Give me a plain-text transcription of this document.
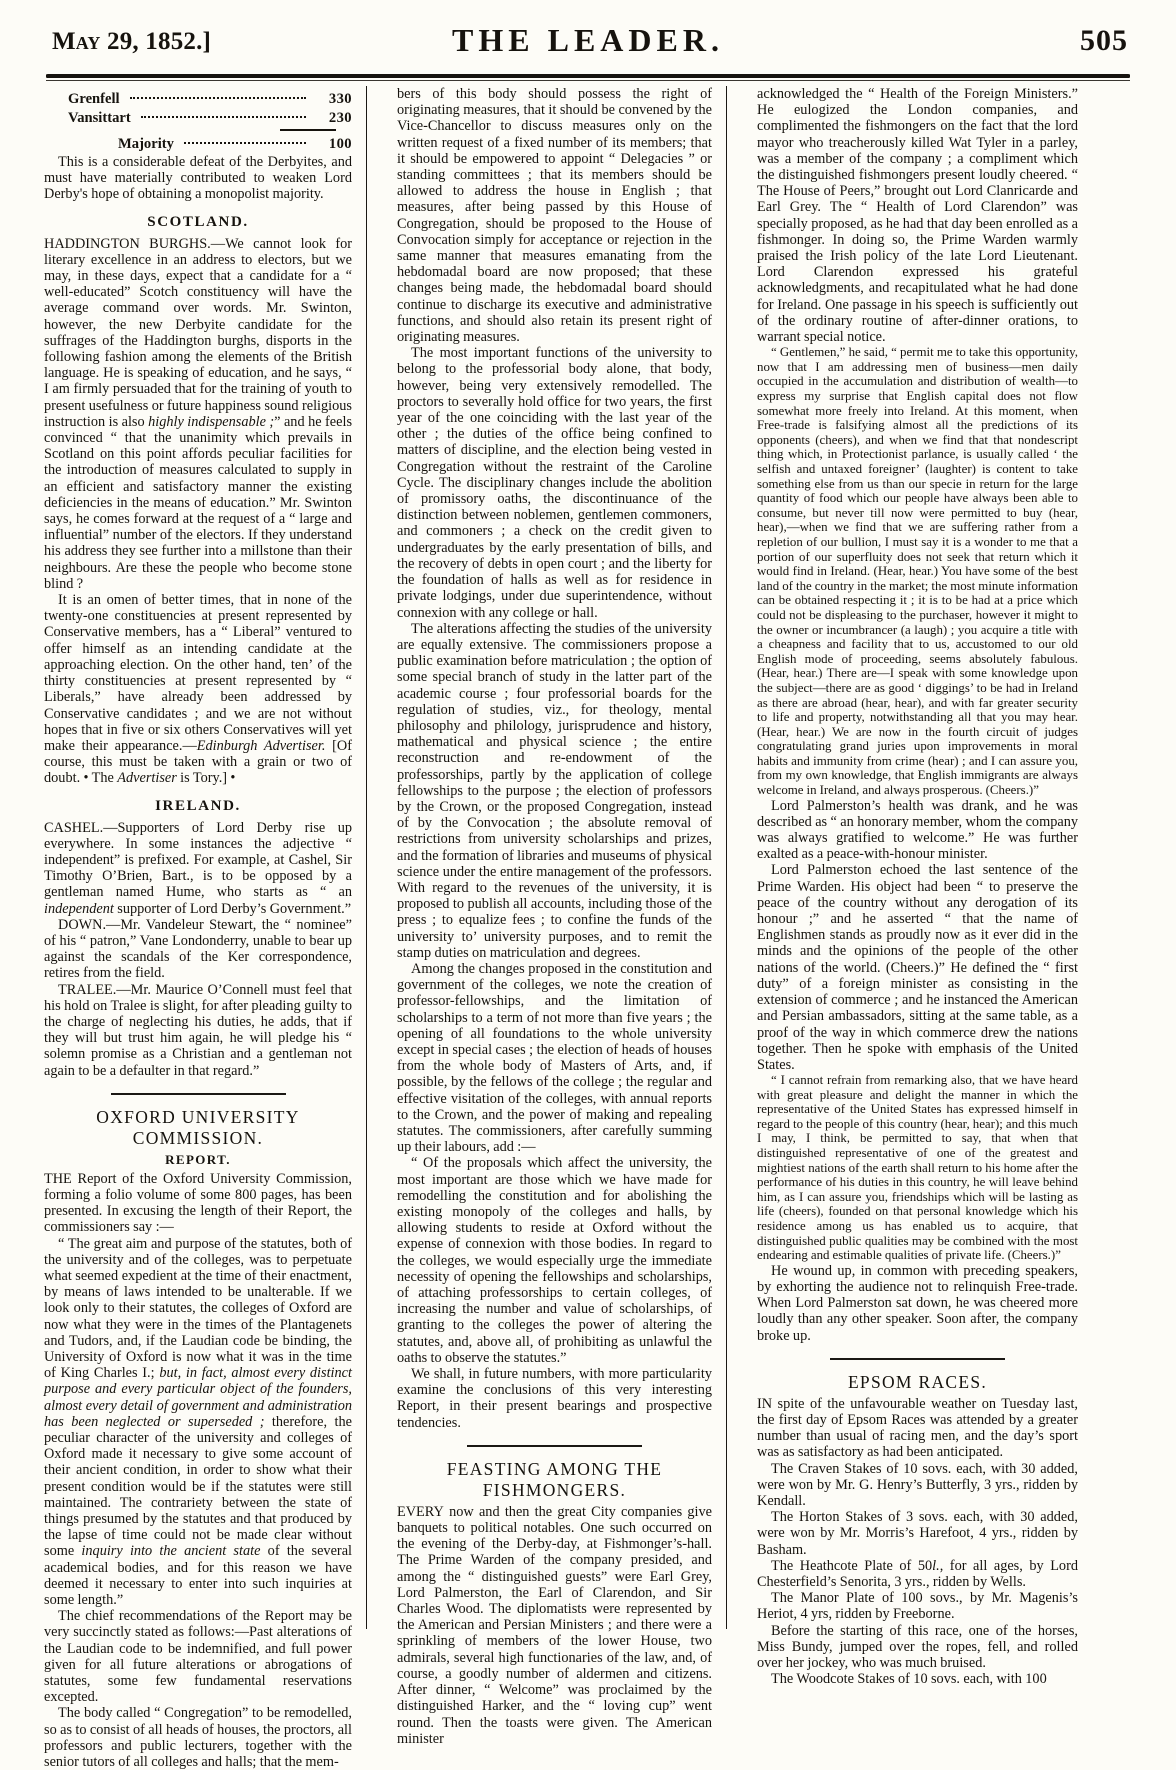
May 29, 1852.]	THE LEADER.	505
Grenfell	330
Vansittart	230
Majority	100

This is a considerable defeat of the Derbyites, and must have materially contributed to weaken Lord Derby's hope of obtaining a monopolist majority.

SCOTLAND.

HADDINGTON BURGHS.—We cannot look for literary excellence in an address to electors, but we may, in these days, expect that a candidate for a “ well-educated” Scotch constituency will have the average command over words. Mr. Swinton, however, the new Derbyite candidate for the suffrages of the Haddington burghs, disports in the following fashion among the elements of the British language. He is speaking of education, and he says, “ I am firmly persuaded that for the training of youth to present usefulness or future happiness sound religious instruction is also highly indispensable ;” and he feels convinced “ that the unanimity which prevails in Scotland on this point affords peculiar facilities for the introduction of measures calculated to supply in an efficient and satisfactory manner the existing deficiencies in the means of education.” Mr. Swinton says, he comes forward at the request of a “ large and influential” number of the electors. If they understand his address they see further into a millstone than their neighbours. Are these the people who become stone blind ?

It is an omen of better times, that in none of the twenty-one constituencies at present represented by Conservative members, has a “ Liberal” ventured to offer himself as an intending candidate at the approaching election. On the other hand, ten’ of the thirty constituencies at present represented by “ Liberals,” have already been addressed by Conservative candidates ; and we are not without hopes that in five or six others Conservatives will yet make their appearance.—Edinburgh Advertiser. [Of course, this must be taken with a grain or two of doubt. • The Advertiser is Tory.] •

IRELAND.

CASHEL.—Supporters of Lord Derby rise up everywhere. In some instances the adjective “ independent” is prefixed. For example, at Cashel, Sir Timothy O’Brien, Bart., is to be opposed by a gentleman named Hume, who starts as “ an independent supporter of Lord Derby’s Government.”

DOWN.—Mr. Vandeleur Stewart, the “ nominee” of his “ patron,” Vane Londonderry, unable to bear up against the scandals of the Ker correspondence, retires from the field.

TRALEE.—Mr. Maurice O’Connell must feel that his hold on Tralee is slight, for after pleading guilty to the charge of neglecting his duties, he adds, that if they will but trust him again, he will pledge his “ solemn promise as a Christian and a gentleman not again to be a defaulter in that regard.”

OXFORD UNIVERSITY COMMISSION.
REPORT.

THE Report of the Oxford University Commission, forming a folio volume of some 800 pages, has been presented. In excusing the length of their Report, the commissioners say :—

“ The great aim and purpose of the statutes, both of the university and of the colleges, was to perpetuate what seemed expedient at the time of their enactment, by means of laws intended to be unalterable. If we look only to their statutes, the colleges of Oxford are now what they were in the times of the Plantagenets and Tudors, and, if the Laudian code be binding, the University of Oxford is now what it was in the time of King Charles I.; but, in fact, almost every distinct purpose and every particular object of the founders, almost every detail of government and administration has been neglected or superseded ; therefore, the peculiar character of the university and colleges of Oxford made it necessary to give some account of their ancient condition, in order to show what their present condition would be if the statutes were still maintained. The contrariety between the state of things presumed by the statutes and that produced by the lapse of time could not be made clear without some inquiry into the ancient state of the several academical bodies, and for this reason we have deemed it necessary to enter into such inquiries at some length.”

The chief recommendations of the Report may be very succinctly stated as follows:—Past alterations of the Laudian code to be indemnified, and full power given for all future alterations or abrogations of statutes, some few fundamental reservations excepted.

The body called “ Congregation” to be remodelled, so as to consist of all heads of houses, the proctors, all professors and public lecturers, together with the senior tutors of all colleges and halls; that the mem-

bers of this body should possess the right of originating measures, that it should be convened by the Vice-Chancellor to discuss measures only on the written request of a fixed number of its members; that it should be empowered to appoint “ Delegacies ” or standing committees ; that its members should be allowed to address the house in English ; that measures, after being passed by this House of Congregation, should be proposed to the House of Convocation simply for acceptance or rejection in the same manner that measures emanating from the hebdomadal board are now proposed; that these changes being made, the hebdomadal board should continue to discharge its executive and administrative functions, and should also retain its present right of originating measures.

The most important functions of the university to belong to the professorial body alone, that body, however, being very extensively remodelled. The proctors to severally hold office for two years, the first year of the one coinciding with the last year of the other ; the duties of the office being confined to matters of discipline, and the election being vested in Congregation without the restraint of the Caroline Cycle. The disciplinary changes include the abolition of promissory oaths, the discontinuance of the distinction between noblemen, gentlemen commoners, and commoners ; a check on the credit given to undergraduates by the early presentation of bills, and the recovery of debts in open court ; and the liberty for the foundation of halls as well as for residence in private lodgings, under due superintendence, without connexion with any college or hall.

The alterations affecting the studies of the university are equally extensive. The commissioners propose a public examination before matriculation ; the option of some special branch of study in the latter part of the academic course ; four professorial boards for the regulation of studies, viz., for theology, mental philosophy and philology, jurisprudence and history, mathematical and physical science ; the entire reconstruction and re-endowment of the professorships, partly by the application of college fellowships to the purpose ; the election of professors by the Crown, or the proposed Congregation, instead of by the Convocation ; the absolute removal of restrictions from university scholarships and prizes, and the formation of libraries and museums of physical science under the entire management of the professors. With regard to the revenues of the university, it is proposed to publish all accounts, including those of the press ; to equalize fees ; to confine the funds of the university to’ university purposes, and to remit the stamp duties on matriculation and degrees.

Among the changes proposed in the constitution and government of the colleges, we note the creation of professor-fellowships, and the limitation of scholarships to a term of not more than five years ; the opening of all foundations to the whole university except in special cases ; the election of heads of houses from the whole body of Masters of Arts, and, if possible, by the fellows of the college ; the regular and effective visitation of the colleges, with annual reports to the Crown, and the power of making and repealing statutes. The commissioners, after carefully summing up their labours, add :—

“ Of the proposals which affect the university, the most important are those which we have made for remodelling the constitution and for abolishing the existing monopoly of the colleges and halls, by allowing students to reside at Oxford without the expense of connexion with those bodies. In regard to the colleges, we would especially urge the immediate necessity of opening the fellowships and scholarships, of attaching professorships to certain colleges, of increasing the number and value of scholarships, of granting to the colleges the power of altering the statutes, and, above all, of prohibiting as unlawful the oaths to observe the statutes.”

We shall, in future numbers, with more particularity examine the conclusions of this very interesting Report, in their present bearings and prospective tendencies.

FEASTING AMONG THE FISHMONGERS.

EVERY now and then the great City companies give banquets to political notables. One such occurred on the evening of the Derby-day, at Fishmonger’s-hall. The Prime Warden of the company presided, and among the “ distinguished guests” were Earl Grey, Lord Palmerston, the Earl of Clarendon, and Sir Charles Wood. The diplomatists were represented by the American and Persian Ministers ; and there were a sprinkling of members of the lower House, two admirals, several high functionaries of the law, and, of course, a goodly number of aldermen and citizens. After dinner, “ Welcome” was proclaimed by the distinguished Harker, and the “ loving cup” went round. Then the toasts were given. The American minister

acknowledged the “ Health of the Foreign Ministers.” He eulogized the London companies, and complimented the fishmongers on the fact that the lord mayor who treacherously killed Wat Tyler in a parley, was a member of the company ; a compliment which the distinguished fishmongers present loudly cheered. “ The House of Peers,” brought out Lord Clanricarde and Earl Grey. The “ Health of Lord Clarendon” was specially proposed, as he had that day been enrolled as a fishmonger. In doing so, the Prime Warden warmly praised the Irish policy of the late Lord Lieutenant. Lord Clarendon expressed his grateful acknowledgments, and recapitulated what he had done for Ireland. One passage in his speech is sufficiently out of the ordinary routine of after-dinner orations, to warrant special notice.

“ Gentlemen,” he said, “ permit me to take this opportunity, now that I am addressing men of business—men daily occupied in the accumulation and distribution of wealth—to express my surprise that English capital does not flow somewhat more freely into Ireland. At this moment, when Free-trade is falsifying almost all the predictions of its opponents (cheers), and when we find that that nondescript thing which, in Protectionist parlance, is usually called ‘ the selfish and untaxed foreigner’ (laughter) is content to take something else from us than our specie in return for the large quantity of food which our people have always been able to consume, but never till now were permitted to buy (hear, hear),—when we find that we are suffering rather from a repletion of our bullion, I must say it is a wonder to me that a portion of our superfluity does not seek that return which it would find in Ireland. (Hear, hear.) You have some of the best land of the country in the market; the most minute information can be obtained respecting it ; it is to be had at a price which could not be displeasing to the purchaser, however it might to the owner or incumbrancer (a laugh) ; you acquire a title with a cheapness and facility that to us, accustomed to our old English mode of proceeding, seems absolutely fabulous. (Hear, hear.) There are—I speak with some knowledge upon the subject—there are as good ‘ diggings’ to be had in Ireland as there are abroad (hear, hear), and with far greater security to life and property, notwithstanding all that you may hear. (Hear, hear.) We are now in the fourth circuit of judges congratulating grand juries upon improvements in moral habits and immunity from crime (hear) ; and I can assure you, from my own knowledge, that English immigrants are always welcome in Ireland, and always prosperous. (Cheers.)”

Lord Palmerston’s health was drank, and he was described as “ an honorary member, whom the company was always gratified to welcome.” He was further exalted as a peace-with-honour minister.

Lord Palmerston echoed the last sentence of the Prime Warden. His object had been “ to preserve the peace of the country without any derogation of its honour ;” and he asserted “ that the name of Englishmen stands as proudly now as it ever did in the minds and the opinions of the people of the other nations of the world. (Cheers.)” He defined the “ first duty” of a foreign minister as consisting in the extension of commerce ; and he instanced the American and Persian ambassadors, sitting at the same table, as a proof of the way in which commerce drew the nations together. Then he spoke with emphasis of the United States.

“ I cannot refrain from remarking also, that we have heard with great pleasure and delight the manner in which the representative of the United States has expressed himself in regard to the people of this country (hear, hear); and this much I may, I think, be permitted to say, that when that distinguished representative of one of the greatest and mightiest nations of the earth shall return to his home after the performance of his duties in this country, he will leave behind him, as I can assure you, friendships which will be lasting as life (cheers), founded on that personal knowledge which his residence among us has enabled us to acquire, that distinguished public qualities may be combined with the most endearing and estimable qualities of private life. (Cheers.)”

He wound up, in common with preceding speakers, by exhorting the audience not to relinquish Free-trade. When Lord Palmerston sat down, he was cheered more loudly than any other speaker. Soon after, the company broke up.

EPSOM RACES.

IN spite of the unfavourable weather on Tuesday last, the first day of Epsom Races was attended by a greater number than usual of racing men, and the day’s sport was as satisfactory as had been anticipated.

The Craven Stakes of 10 sovs. each, with 30 added, were won by Mr. G. Henry’s Butterfly, 3 yrs., ridden by Kendall.

The Horton Stakes of 3 sovs. each, with 30 added, were won by Mr. Morris’s Harefoot, 4 yrs., ridden by Basham.

The Heathcote Plate of 50l., for all ages, by Lord Chesterfield’s Senorita, 3 yrs., ridden by Wells.

The Manor Plate of 100 sovs., by Mr. Magenis’s Heriot, 4 yrs, ridden by Freeborne.

Before the starting of this race, one of the horses, Miss Bundy, jumped over the ropes, fell, and rolled over her jockey, who was much bruised.

The Woodcote Stakes of 10 sovs. each, with 100
